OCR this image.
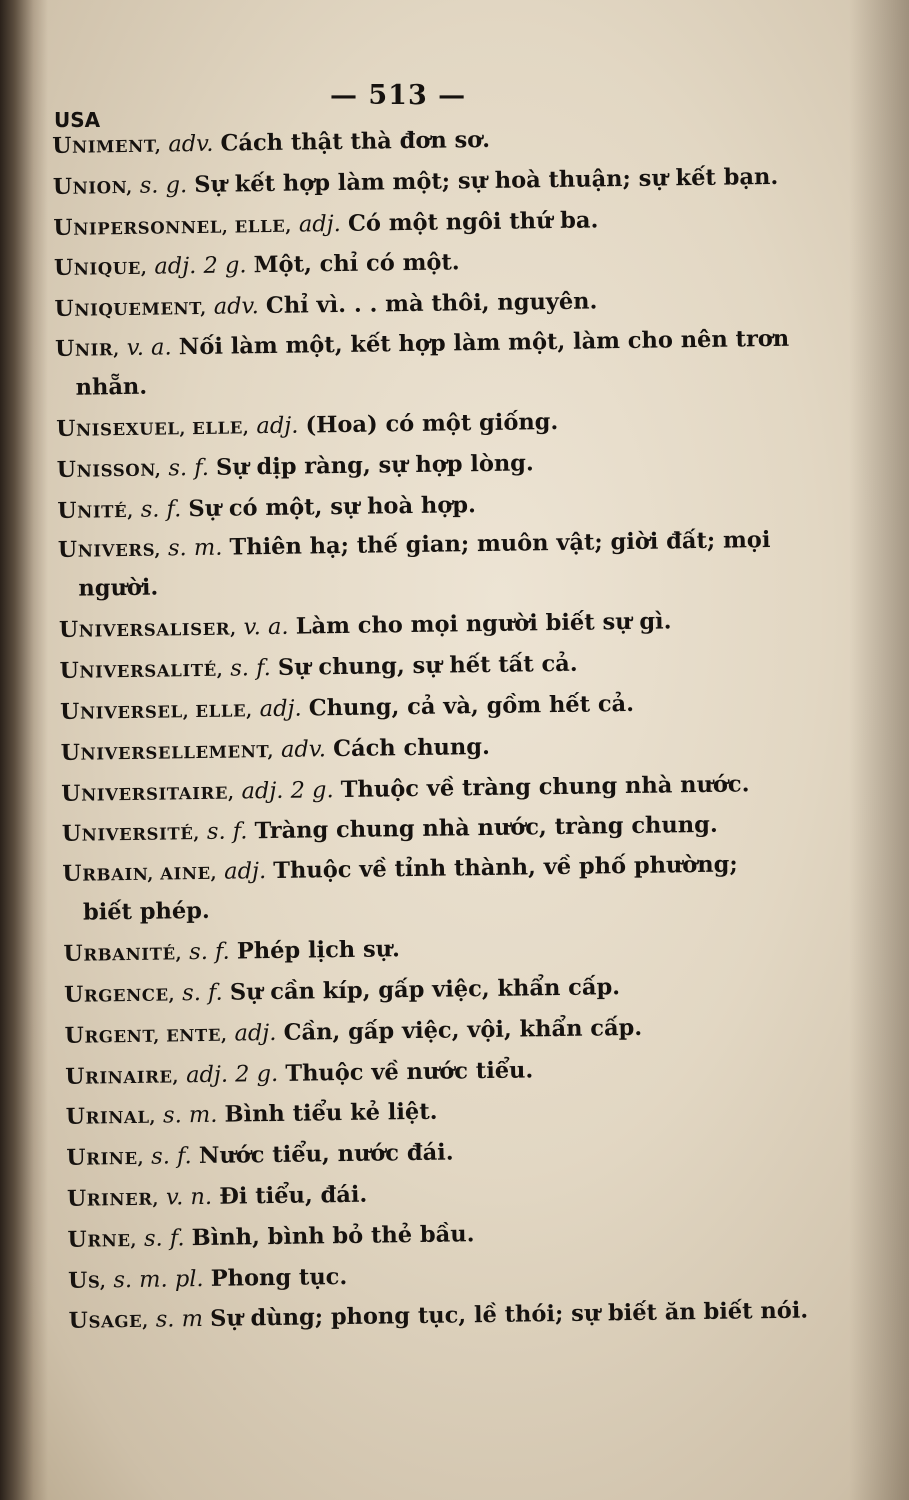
— 513 —
USA
UNIMENT, adv. Cách thật thà đơn sơ.
UNION, s. g. Sự kết hợp làm một; sự hoà thuận; sự kết bạn.
UNIPERSONNEL, ELLE, adj. Có một ngôi thứ ba.
UNIQUE, adj. 2 g. Một, chỉ có một.
UNIQUEMENT, adv. Chỉ vì. . . mà thôi, nguyên.
UNIR, v. a. Nối làm một, kết hợp làm một, làm cho nên trơn
nhẵn.
UNISEXUEL, ELLE, adj. (Hoa) có một giống.
UNISSON, s. f. Sự dịp ràng, sự hợp lòng.
UNITÉ, s. f. Sự có một, sự hoà hợp.
UNIVERS, s. m. Thiên hạ; thế gian; muôn vật; giời đất; mọi
người.
UNIVERSALISER, v. a. Làm cho mọi người biết sự gì.
UNIVERSALITÉ, s. f. Sự chung, sự hết tất cả.
UNIVERSEL, ELLE, adj. Chung, cả và, gồm hết cả.
UNIVERSELLEMENT, adv. Cách chung.
UNIVERSITAIRE, adj. 2 g. Thuộc về tràng chung nhà nước.
UNIVERSITÉ, s. f. Tràng chung nhà nước, tràng chung.
URBAIN, AINE, adj. Thuộc về tỉnh thành, về phố phường;
biết phép.
URBANITÉ, s. f. Phép lịch sự.
URGENCE, s. f. Sự cần kíp, gấp việc, khẩn cấp.
URGENT, ENTE, adj. Cần, gấp việc, vội, khẩn cấp.
URINAIRE, adj. 2 g. Thuộc về nước tiểu.
URINAL, s. m. Bình tiểu kẻ liệt.
URINE, s. f. Nước tiểu, nước đái.
URINER, v. n. Đi tiểu, đái.
URNE, s. f. Bình, bình bỏ thẻ bầu.
US, s. m. pl. Phong tục.
USAGE, s. m Sự dùng; phong tục, lề thói; sự biết ăn biết nói.
